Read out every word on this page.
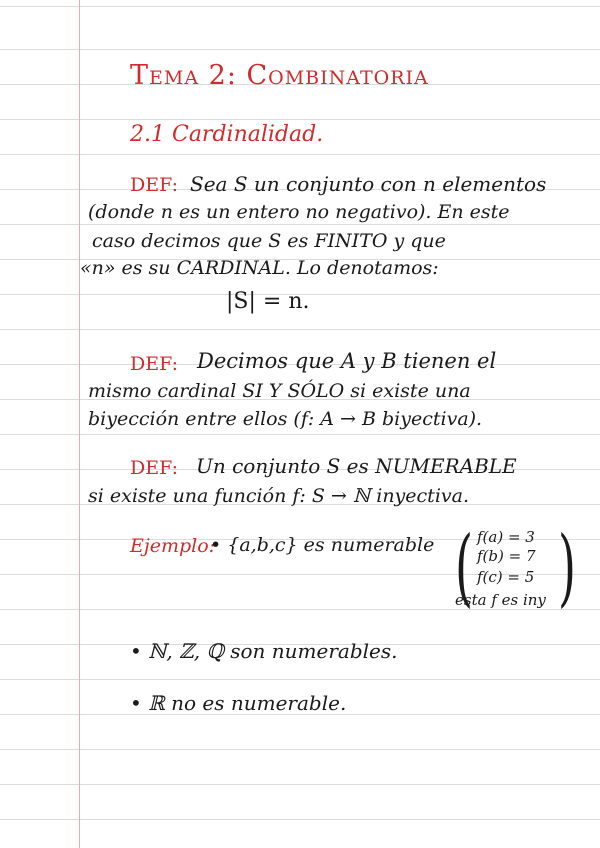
Tema 2: Combinatoria
2.1 Cardinalidad.
DEF: Sea S un conjunto con n elementos
(donde n es un entero no negativo). En este
caso decimos que S es FINITO y que
«n» es su CARDINAL. Lo denotamos:
|S| = n.
DEF: Decimos que A y B tienen el
mismo cardinal SI Y SÓLO si existe una
biyección entre ellos (f: A → B biyectiva).
DEF: Un conjunto S es NUMERABLE
si existe una función f: S → ℕ inyectiva.
Ejemplo:
• {a,b,c} es numerable ( f(a) = 3
f(b) = 7
f(c) = 5
esta f es iny )
• ℕ, ℤ, ℚ son numerables.
• ℝ no es numerable.
